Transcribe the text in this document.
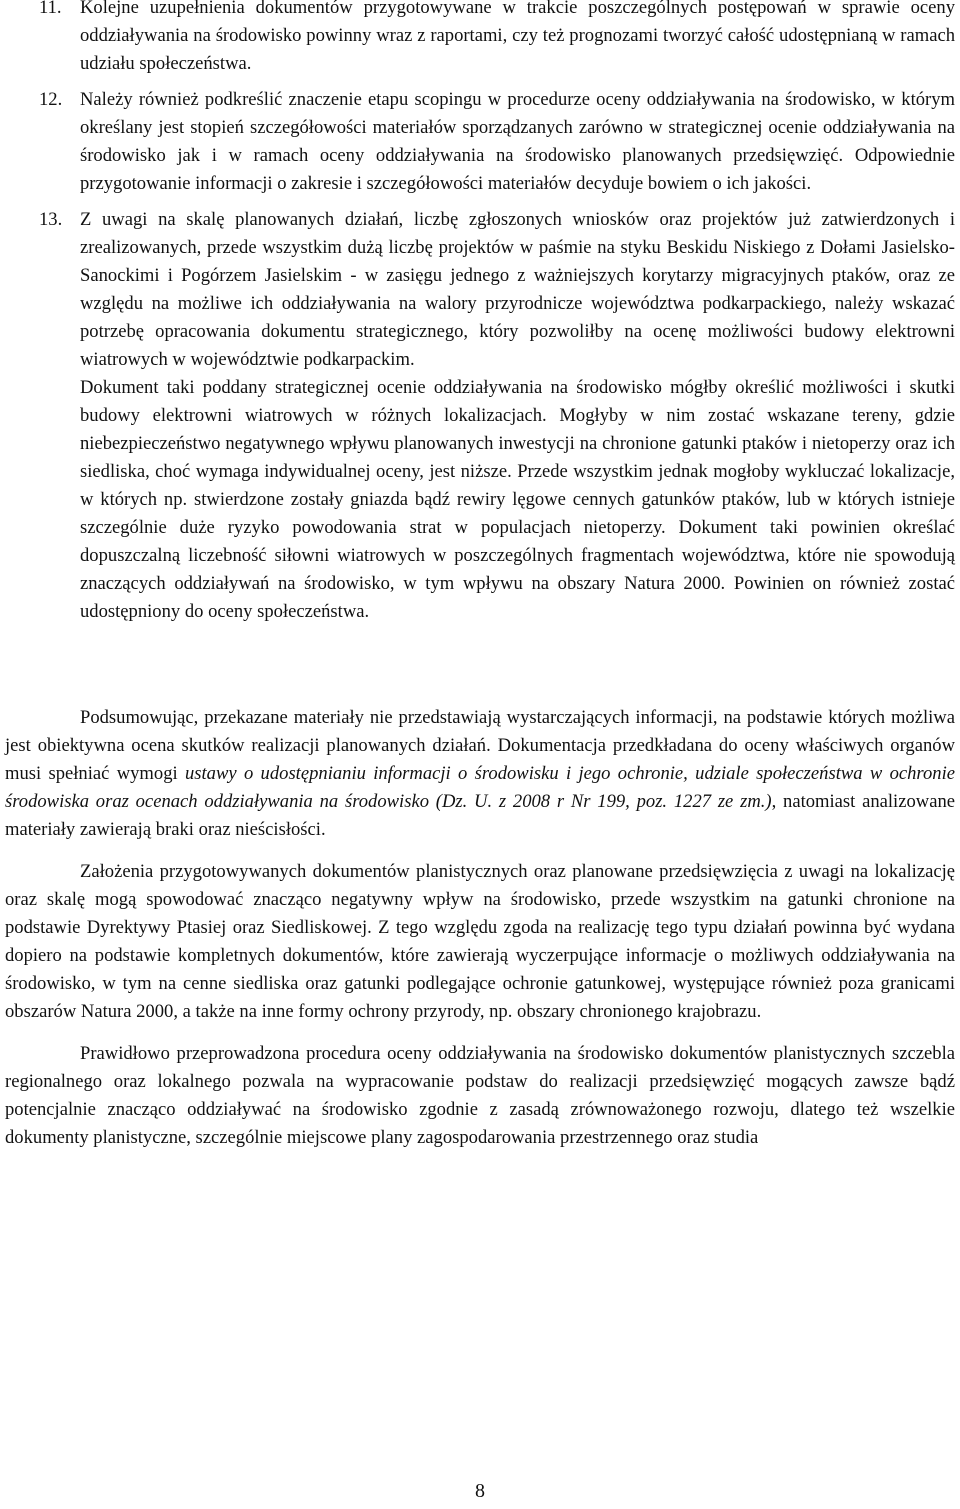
11. Kolejne uzupełnienia dokumentów przygotowywane w trakcie poszczególnych postępowań w sprawie oceny oddziaływania na środowisko powinny wraz z raportami, czy też prognozami tworzyć całość udostępnianą w ramach udziału społeczeństwa.

12. Należy również podkreślić znaczenie etapu scopingu w procedurze oceny oddziaływania na środowisko, w którym określany jest stopień szczegółowości materiałów sporządzanych zarówno w strategicznej ocenie oddziaływania na środowisko jak i w ramach oceny oddziaływania na środowisko planowanych przedsięwzięć. Odpowiednie przygotowanie informacji o zakresie i szczegółowości materiałów decyduje bowiem o ich jakości.

13. Z uwagi na skalę planowanych działań, liczbę zgłoszonych wniosków oraz projektów już zatwierdzonych i zrealizowanych, przede wszystkim dużą liczbę projektów w paśmie na styku Beskidu Niskiego z Dołami Jasielsko-Sanockimi i Pogórzem Jasielskim - w zasięgu jednego z ważniejszych korytarzy migracyjnych ptaków, oraz ze względu na możliwe ich oddziaływania na walory przyrodnicze województwa podkarpackiego, należy wskazać potrzebę opracowania dokumentu strategicznego, który pozwoliłby na ocenę możliwości budowy elektrowni wiatrowych w województwie podkarpackim.

Dokument taki poddany strategicznej ocenie oddziaływania na środowisko mógłby określić możliwości i skutki budowy elektrowni wiatrowych w różnych lokalizacjach. Mogłyby w nim zostać wskazane tereny, gdzie niebezpieczeństwo negatywnego wpływu planowanych inwestycji na chronione gatunki ptaków i nietoperzy oraz ich siedliska, choć wymaga indywidualnej oceny, jest niższe. Przede wszystkim jednak mogłoby wykluczać lokalizacje, w których np. stwierdzone zostały gniazda bądź rewiry lęgowe cennych gatunków ptaków, lub w których istnieje szczególnie duże ryzyko powodowania strat w populacjach nietoperzy. Dokument taki powinien określać dopuszczalną liczebność siłowni wiatrowych w poszczególnych fragmentach województwa, które nie spowodują znaczących oddziaływań na środowisko, w tym wpływu na obszary Natura 2000. Powinien on również zostać udostępniony do oceny społeczeństwa.

Podsumowując, przekazane materiały nie przedstawiają wystarczających informacji, na podstawie których możliwa jest obiektywna ocena skutków realizacji planowanych działań. Dokumentacja przedkładana do oceny właściwych organów musi spełniać wymogi ustawy o udostępnianiu informacji o środowisku i jego ochronie, udziale społeczeństwa w ochronie środowiska oraz ocenach oddziaływania na środowisko (Dz. U. z 2008 r Nr 199, poz. 1227 ze zm.), natomiast analizowane materiały zawierają braki oraz nieścisłości.

Założenia przygotowywanych dokumentów planistycznych oraz planowane przedsięwzięcia z uwagi na lokalizację oraz skalę mogą spowodować znacząco negatywny wpływ na środowisko, przede wszystkim na gatunki chronione na podstawie Dyrektywy Ptasiej oraz Siedliskowej. Z tego względu zgoda na realizację tego typu działań powinna być wydana dopiero na podstawie kompletnych dokumentów, które zawierają wyczerpujące informacje o możliwych oddziaływania na środowisko, w tym na cenne siedliska oraz gatunki podlegające ochronie gatunkowej, występujące również poza granicami obszarów Natura 2000, a także na inne formy ochrony przyrody, np. obszary chronionego krajobrazu.

Prawidłowo przeprowadzona procedura oceny oddziaływania na środowisko dokumentów planistycznych szczebla regionalnego oraz lokalnego pozwala na wypracowanie podstaw do realizacji przedsięwzięć mogących zawsze bądź potencjalnie znacząco oddziaływać na środowisko zgodnie z zasadą zrównoważonego rozwoju, dlatego też wszelkie dokumenty planistyczne, szczególnie miejscowe plany zagospodarowania przestrzennego oraz studia

8
